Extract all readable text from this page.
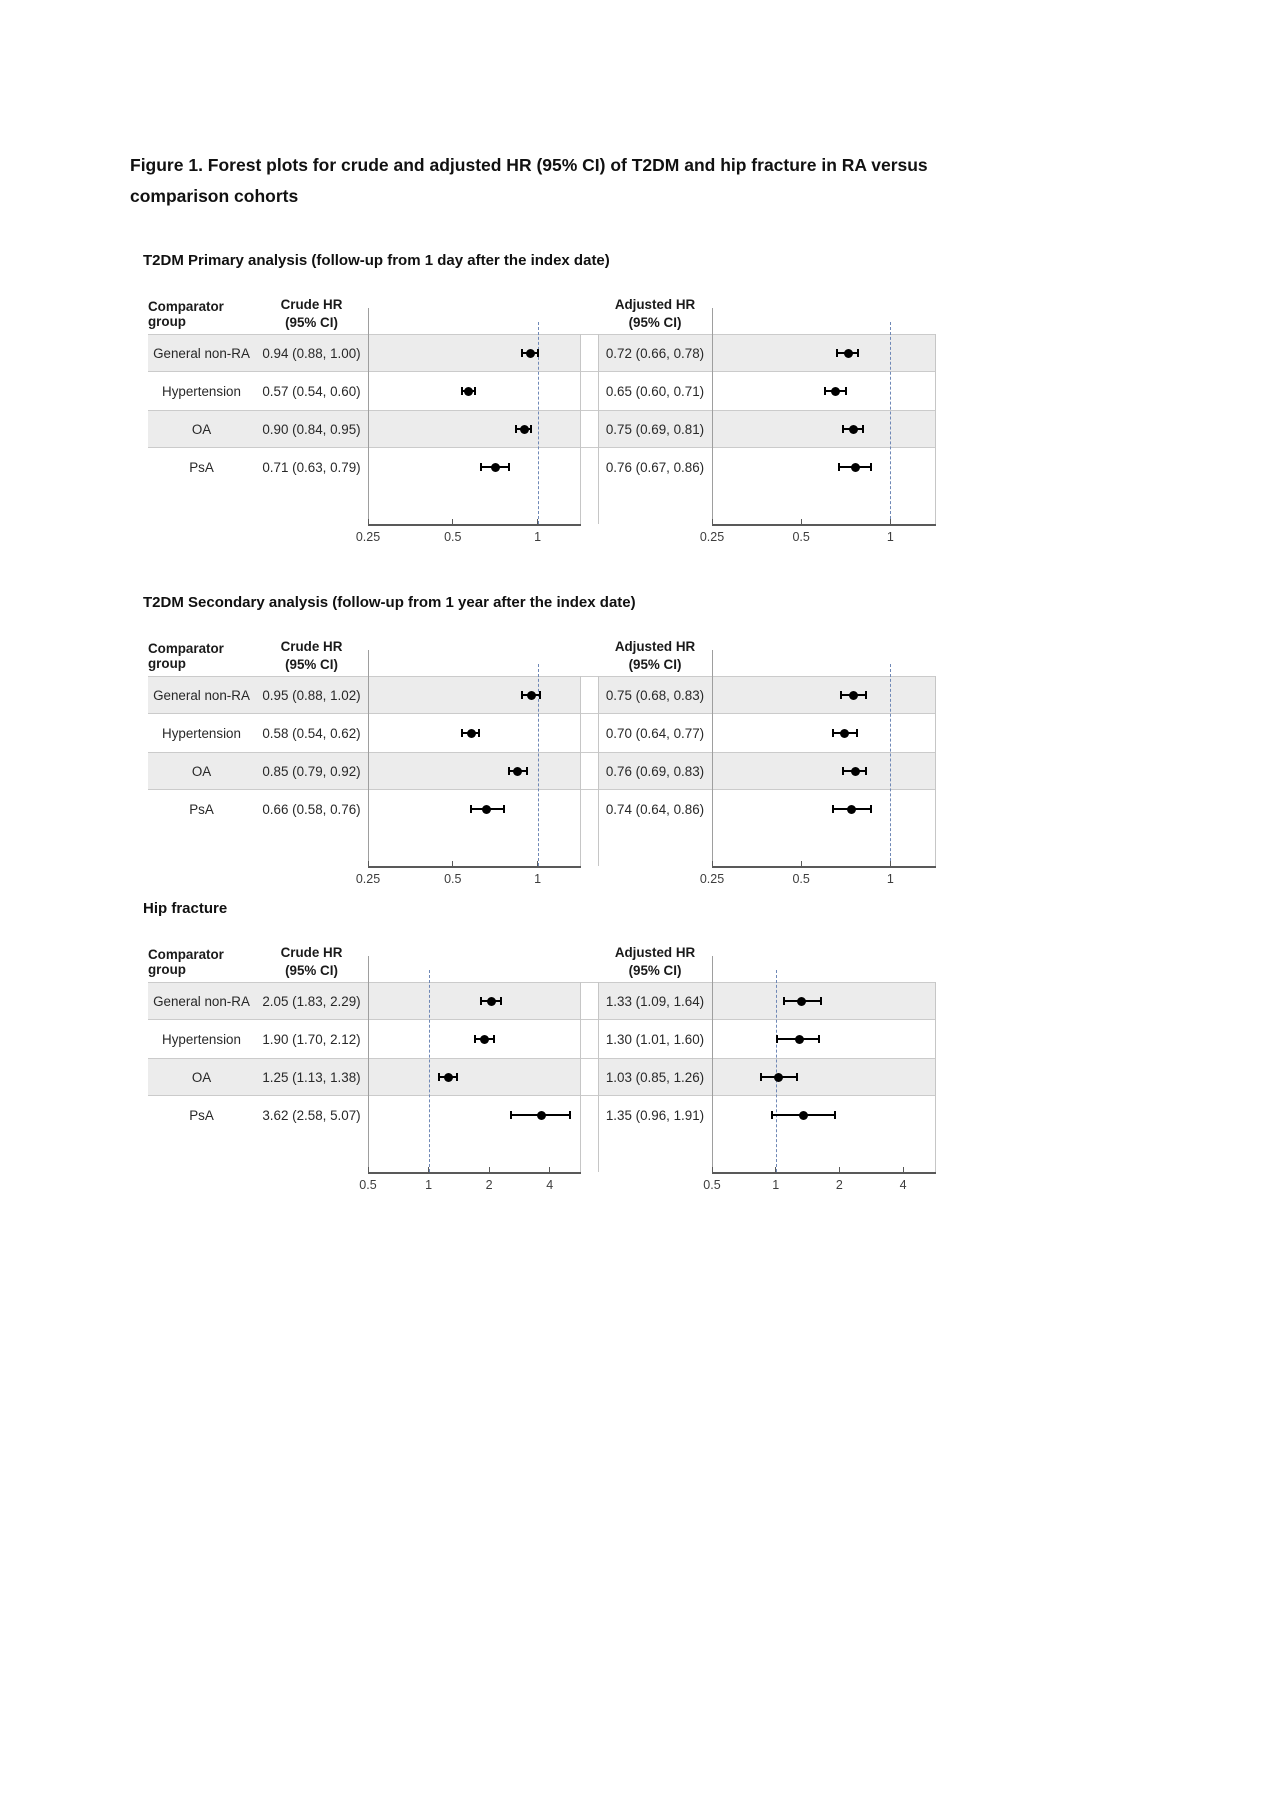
Figure 1. Forest plots for crude and adjusted HR (95% CI) of T2DM and hip fracture in RA versus comparison cohorts
T2DM Primary analysis (follow-up from 1 day after the index date)
Comparator group
Crude HR
(95% CI)
Adjusted HR
(95% CI)
General non-RA 0.94 (0.88, 1.00)	0.72 (0.66, 0.78)
Hypertension	0.57 (0.54, 0.60)	0.65 (0.60, 0.71)
OA	0.90 (0.84, 0.95)	0.75 (0.69, 0.81)
PsA	0.71 (0.63, 0.79)	0.76 (0.67, 0.86)
0.25	0.5	1	0.25	0.5	1
T2DM Secondary analysis (follow-up from 1 year after the index date)
Comparator group
Crude HR
(95% CI)
Adjusted HR
(95% CI)
General non-RA 0.95 (0.88, 1.02)	0.75 (0.68, 0.83)
Hypertension	0.58 (0.54, 0.62)	0.70 (0.64, 0.77)
OA	0.85 (0.79, 0.92)	0.76 (0.69, 0.83)
PsA	0.66 (0.58, 0.76)	0.74 (0.64, 0.86)
0.25	0.5	1	0.25	0.5	1
Hip fracture
Comparator group
Crude HR
(95% CI)
Adjusted HR
(95% CI)
General non-RA 2.05 (1.83, 2.29)	1.33 (1.09, 1.64)
Hypertension	1.90 (1.70, 2.12)	1.30 (1.01, 1.60)
OA	1.25 (1.13, 1.38)	1.03 (0.85, 1.26)
PsA	3.62 (2.58, 5.07)	1.35 (0.96, 1.91)
0.5	1	2	4	0.5	1	2	4
